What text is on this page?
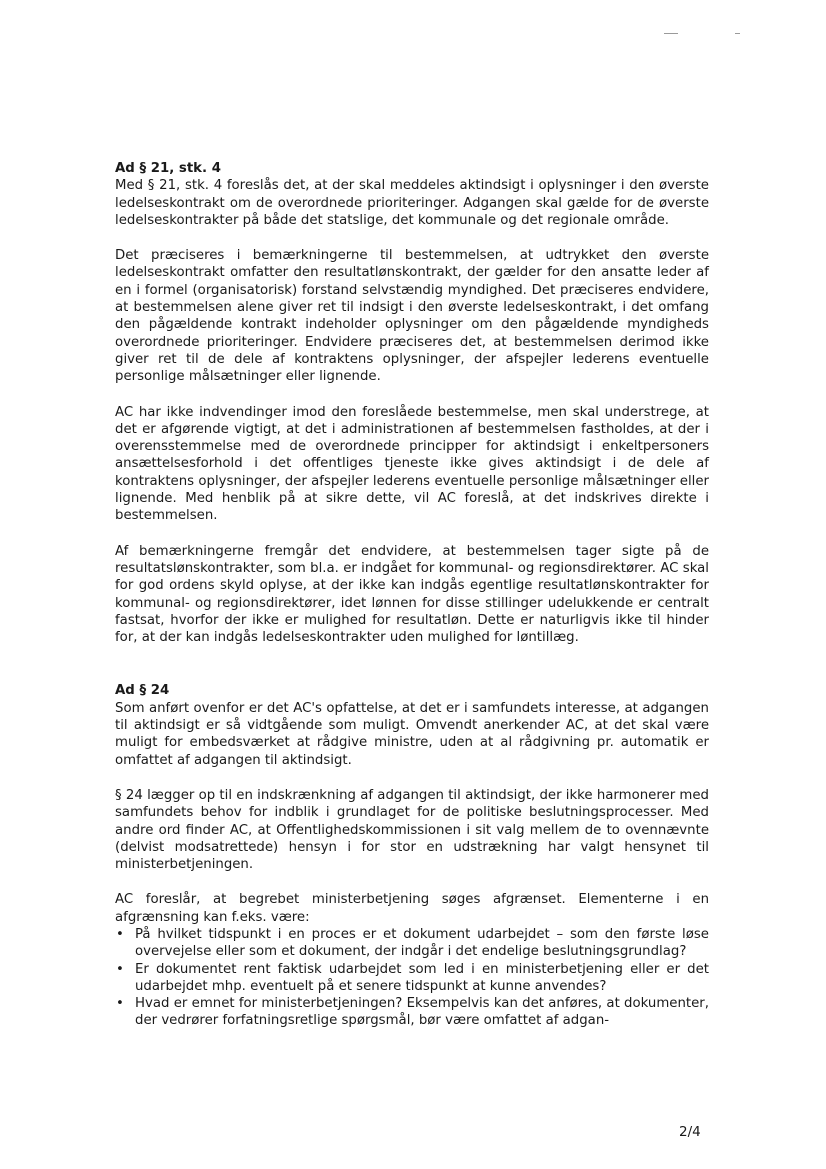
Ad § 21, stk. 4

Med § 21, stk. 4 foreslås det, at der skal meddeles aktindsigt i oplysninger i den øverste ledelseskontrakt om de overordnede prioriteringer. Adgangen skal gælde for de øverste ledelseskontrakter på både det statslige, det kommunale og det regionale område.

Det præciseres i bemærkningerne til bestemmelsen, at udtrykket den øverste ledelseskontrakt omfatter den resultatlønskontrakt, der gælder for den ansatte leder af en i formel (organisatorisk) forstand selvstændig myndighed. Det præciseres endvidere, at bestemmelsen alene giver ret til indsigt i den øverste ledelseskontrakt, i det omfang den pågældende kontrakt indeholder oplysninger om den pågældende myndigheds overordnede prioriteringer. Endvidere præciseres det, at bestemmelsen derimod ikke giver ret til de dele af kontraktens oplysninger, der afspejler lederens eventuelle personlige målsætninger eller lignende.

AC har ikke indvendinger imod den foreslåede bestemmelse, men skal understrege, at det er afgørende vigtigt, at det i administrationen af bestemmelsen fastholdes, at der i overensstemmelse med de overordnede principper for aktindsigt i enkeltpersoners ansættelsesforhold i det offentliges tjeneste ikke gives aktindsigt i de dele af kontraktens oplysninger, der afspejler lederens eventuelle personlige målsætninger eller lignende. Med henblik på at sikre dette, vil AC foreslå, at det indskrives direkte i bestemmelsen.

Af bemærkningerne fremgår det endvidere, at bestemmelsen tager sigte på de resultatslønskontrakter, som bl.a. er indgået for kommunal- og regionsdirektører. AC skal for god ordens skyld oplyse, at der ikke kan indgås egentlige resultatlønskontrakter for kommunal- og regionsdirektører, idet lønnen for disse stillinger udelukkende er centralt fastsat, hvorfor der ikke er mulighed for resultatløn. Dette er naturligvis ikke til hinder for, at der kan indgås ledelseskontrakter uden mulighed for løntillæg.

Ad § 24

Som anført ovenfor er det AC's opfattelse, at det er i samfundets interesse, at adgangen til aktindsigt er så vidtgående som muligt. Omvendt anerkender AC, at det skal være muligt for embedsværket at rådgive ministre, uden at al rådgivning pr. automatik er omfattet af adgangen til aktindsigt.

§ 24 lægger op til en indskrænkning af adgangen til aktindsigt, der ikke harmonerer med samfundets behov for indblik i grundlaget for de politiske beslutningsprocesser. Med andre ord finder AC, at Offentlighedskommissionen i sit valg mellem de to ovennævnte (delvist modsatrettede) hensyn i for stor en udstrækning har valgt hensynet til ministerbetjeningen.

AC foreslår, at begrebet ministerbetjening søges afgrænset. Elementerne i en afgrænsning kan f.eks. være:

• På hvilket tidspunkt i en proces er et dokument udarbejdet – som den første løse overvejelse eller som et dokument, der indgår i det endelige beslutningsgrundlag?
• Er dokumentet rent faktisk udarbejdet som led i en ministerbetjening eller er det udarbejdet mhp. eventuelt på et senere tidspunkt at kunne anvendes?
• Hvad er emnet for ministerbetjeningen? Eksempelvis kan det anføres, at dokumenter, der vedrører forfatningsretlige spørgsmål, bør være omfattet af adgan-
2/4
